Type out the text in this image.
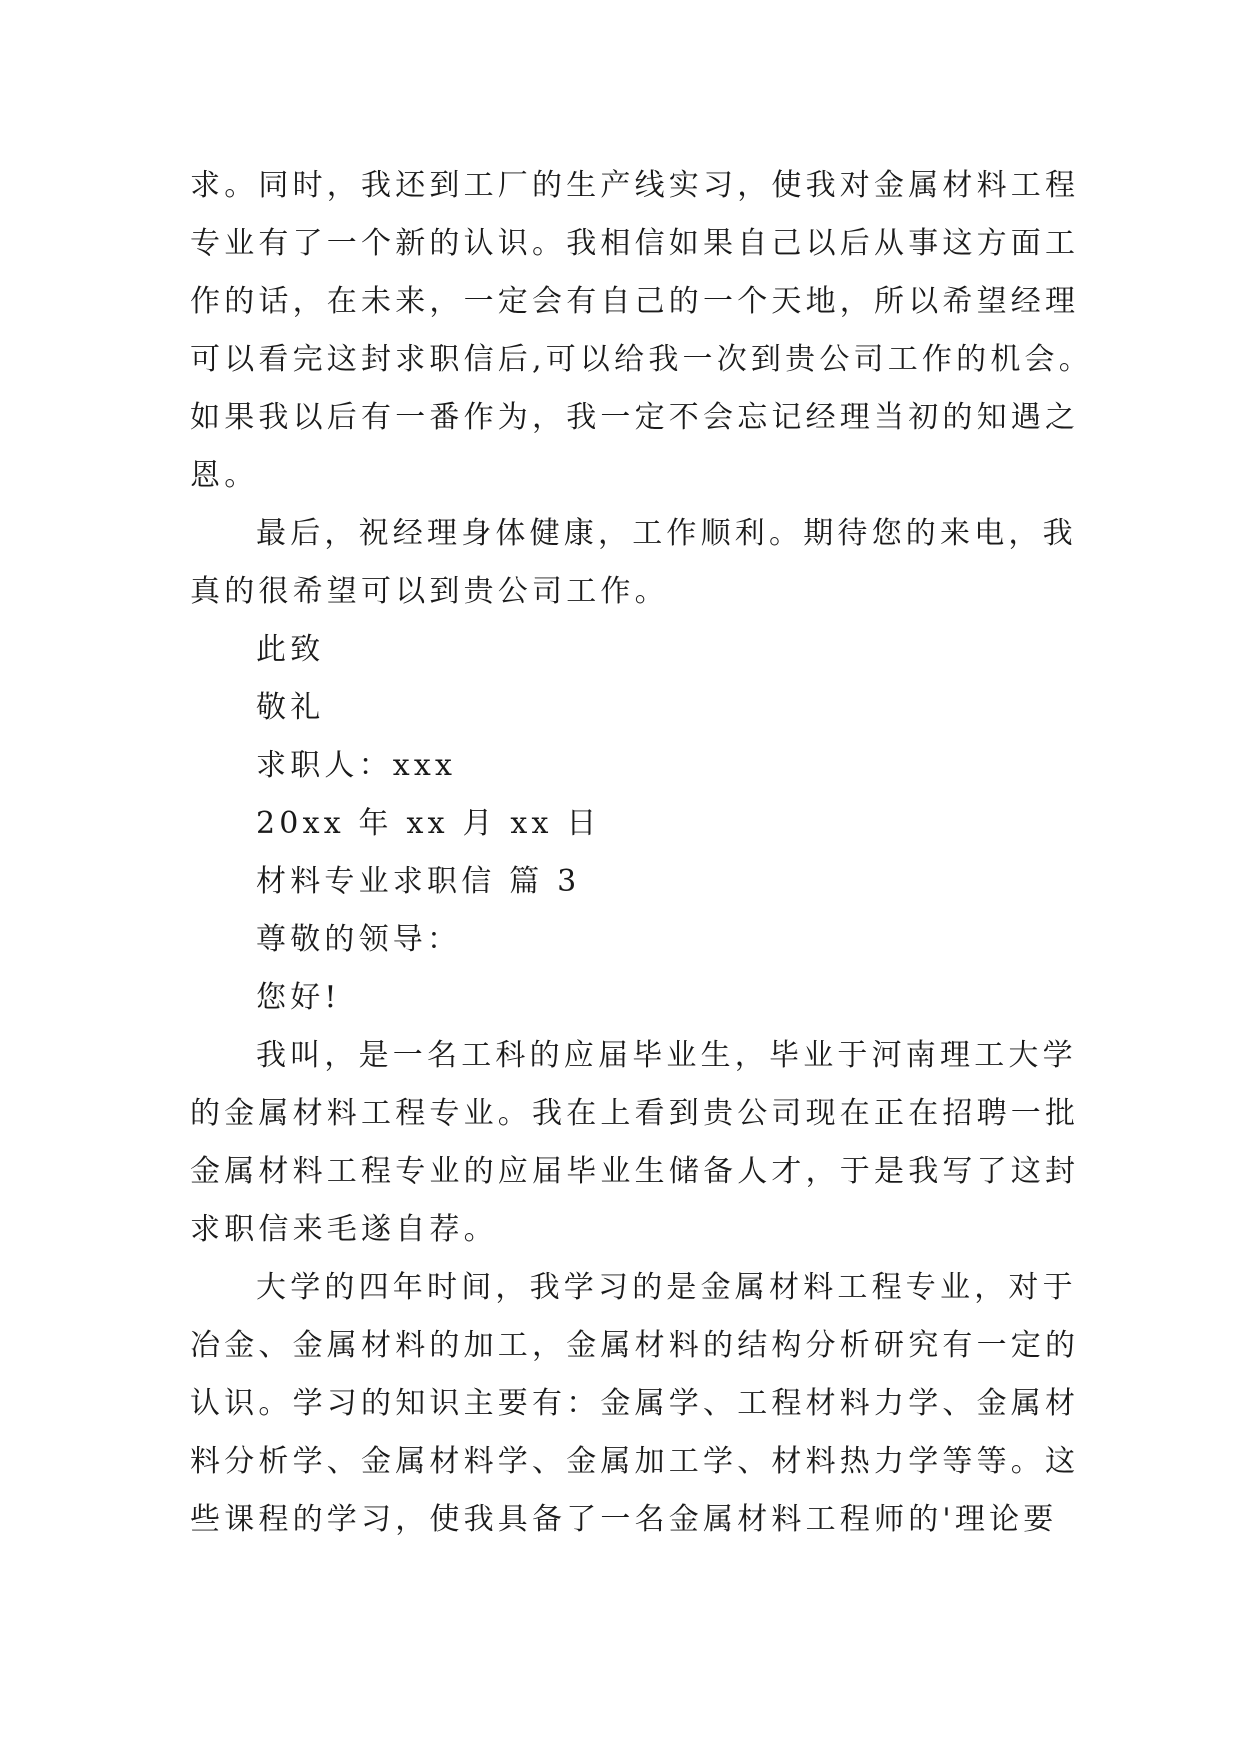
求。同时，我还到工厂的生产线实习，使我对金属材料工程
专业有了一个新的认识。我相信如果自己以后从事这方面工
作的话，在未来，一定会有自己的一个天地，所以希望经理
可以看完这封求职信后,可以给我一次到贵公司工作的机会。
如果我以后有一番作为，我一定不会忘记经理当初的知遇之
恩。
最后，祝经理身体健康，工作顺利。期待您的来电，我
真的很希望可以到贵公司工作。
此致
敬礼
求职人：xxx
20xx 年 xx 月 xx 日
材料专业求职信 篇 3
尊敬的领导：
您好!
我叫，是一名工科的应届毕业生，毕业于河南理工大学
的金属材料工程专业。我在上看到贵公司现在正在招聘一批
金属材料工程专业的应届毕业生储备人才，于是我写了这封
求职信来毛遂自荐。
大学的四年时间，我学习的是金属材料工程专业，对于
冶金、金属材料的加工，金属材料的结构分析研究有一定的
认识。学习的知识主要有：金属学、工程材料力学、金属材
料分析学、金属材料学、金属加工学、材料热力学等等。这
些课程的学习，使我具备了一名金属材料工程师的'理论要
